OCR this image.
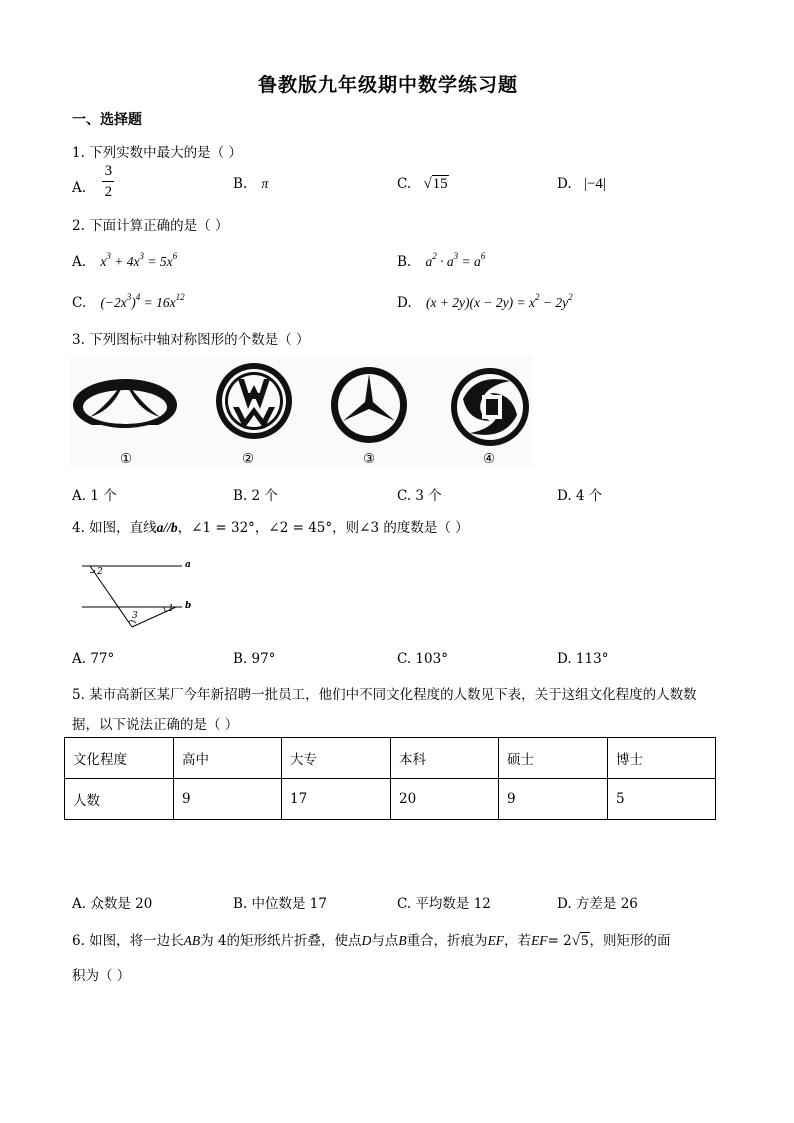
鲁教版九年级期中数学练习题
一、选择题
1. 下列实数中最大的是（ ）
A. $\frac{3}{2}$	B. π	C. √15	D. |−4|
2. 下面计算正确的是（ ）
A. $x^3 + 4x^3 = 5x^6$	B. $a^2 \cdot a^3 = a^6$
C. $(-2x^3)^4 = 16x^{12}$	D. $(x + 2y)(x - 2y) = x^2 - 2y^2$
3. 下列图标中轴对称图形的个数是（ ）
①	②	③	④
A. 1 个	B. 2 个	C. 3 个	D. 4 个
4. 如图，直线a//b，∠1 = 32°，∠2 = 45°，则∠3 的度数是（ ）
2
3
1
a
b
A. 77°	B. 97°	C. 103°	D. 113°
5. 某市高新区某厂今年新招聘一批员工，他们中不同文化程度的人数见下表，关于这组文化程度的人数数
据，以下说法正确的是（ ）
文化程度	高中	大专	本科	硕士	博士
人数	9	17	20	9	5
A. 众数是 20	B. 中位数是 17	C. 平均数是 12	D. 方差是 26
6. 如图，将一边长AB为 4的矩形纸片折叠，使点D与点B重合，折痕为EF，若EF= 2√5，则矩形的面
积为（ ）
